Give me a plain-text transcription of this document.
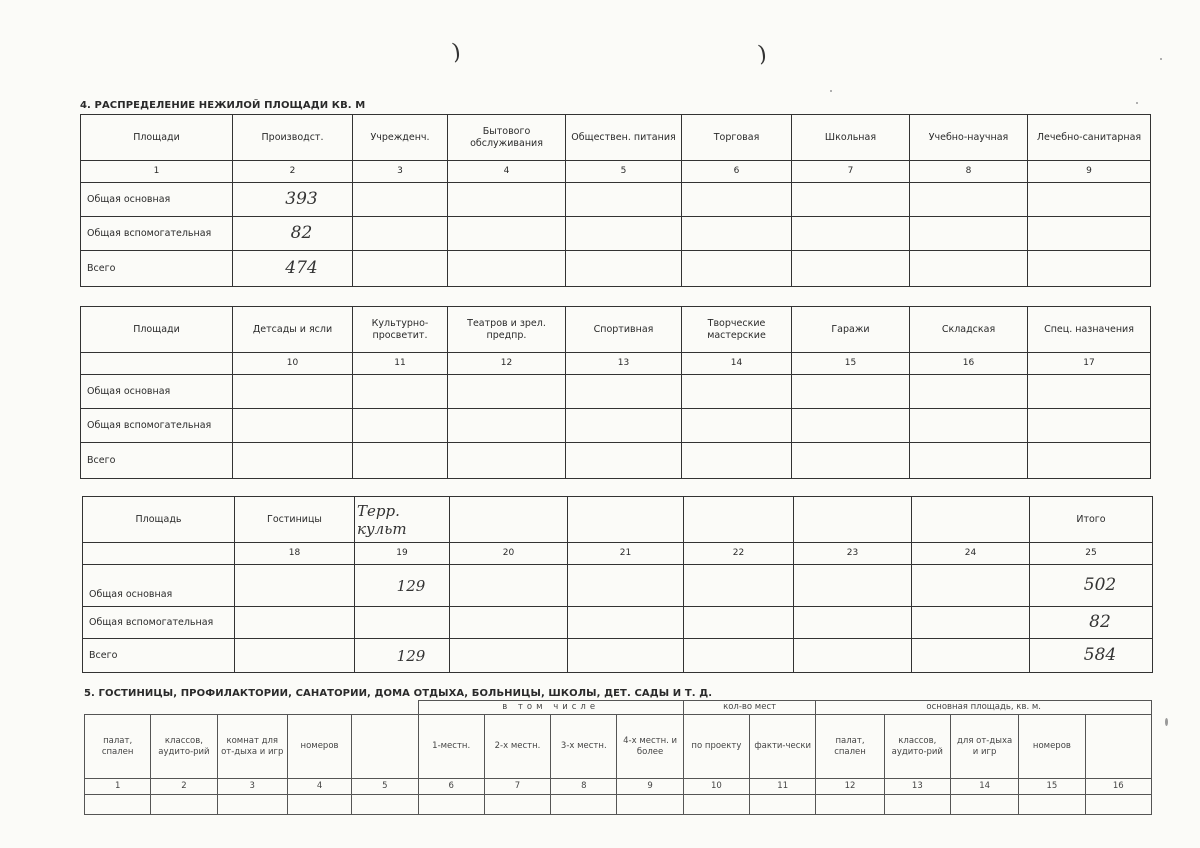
)	)
4. РАСПРЕДЕЛЕНИЕ НЕЖИЛОЙ ПЛОЩАДИ КВ. М
Площади	Производст.	Учрежденч.	Бытового обслуживания	Обществен. питания	Торговая	Школьная	Учебно-научная	Лечебно-санитарная
1	2	3	4	5	6	7	8	9
Общая основная	393							
Общая вспомогательная	82							
Всего	474							
Площади	Детсады и ясли	Культурно-просветит.	Театров и зрел. предпр.	Спортивная	Творческие мастерские	Гаражи	Складская	Спец. назначения
	10	11	12	13	14	15	16	17
Общая основная								
Общая вспомогательная								
Всего								
Площадь	Гостиницы	Терр. культ						Итого
	18	19	20	21	22	23	24	25
Общая основная		129						502
Общая вспомогательная								82
Всего		129						584
5. ГОСТИНИЦЫ, ПРОФИЛАКТОРИИ, САНАТОРИИ, ДОМА ОТДЫХА, БОЛЬНИЦЫ, ШКОЛЫ, ДЕТ. САДЫ И Т. Д.
					в том числе				кол-во мест		основная площадь, кв. м.				
палат, спален	классов, аудито-рий	комнат для от-дыха и игр	номеров		1-местн.	2-х местн.	3-х местн.	4-х местн. и более	по проекту	факти-чески	палат, спален	классов, аудито-рий	для от-дыха и игр	номеров	
1	2	3	4	5	6	7	8	9	10	11	12	13	14	15	16
